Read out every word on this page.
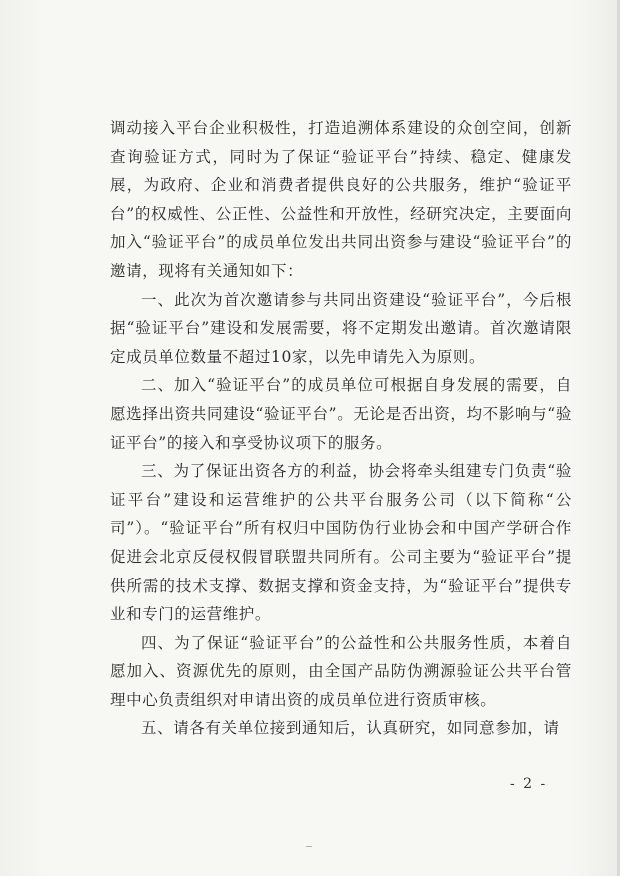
调动接入平台企业积极性，打造追溯体系建设的众创空间，创新查询验证方式，同时为了保证“验证平台”持续、稳定、健康发展，为政府、企业和消费者提供良好的公共服务，维护“验证平台”的权威性、公正性、公益性和开放性，经研究决定，主要面向加入“验证平台”的成员单位发出共同出资参与建设“验证平台”的邀请，现将有关通知如下：

一、此次为首次邀请参与共同出资建设“验证平台”，今后根据“验证平台”建设和发展需要，将不定期发出邀请。首次邀请限定成员单位数量不超过10家，以先申请先入为原则。

二、加入“验证平台”的成员单位可根据自身发展的需要，自愿选择出资共同建设“验证平台”。无论是否出资，均不影响与“验证平台”的接入和享受协议项下的服务。

三、为了保证出资各方的利益，协会将牵头组建专门负责“验证平台”建设和运营维护的公共平台服务公司（以下简称“公司”）。“验证平台”所有权归中国防伪行业协会和中国产学研合作促进会北京反侵权假冒联盟共同所有。公司主要为“验证平台”提供所需的技术支撑、数据支撑和资金支持，为“验证平台”提供专业和专门的运营维护。

四、为了保证“验证平台”的公益性和公共服务性质，本着自愿加入、资源优先的原则，由全国产品防伪溯源验证公共平台管理中心负责组织对申请出资的成员单位进行资质审核。

五、请各有关单位接到通知后，认真研究，如同意参加，请

- 2 -
